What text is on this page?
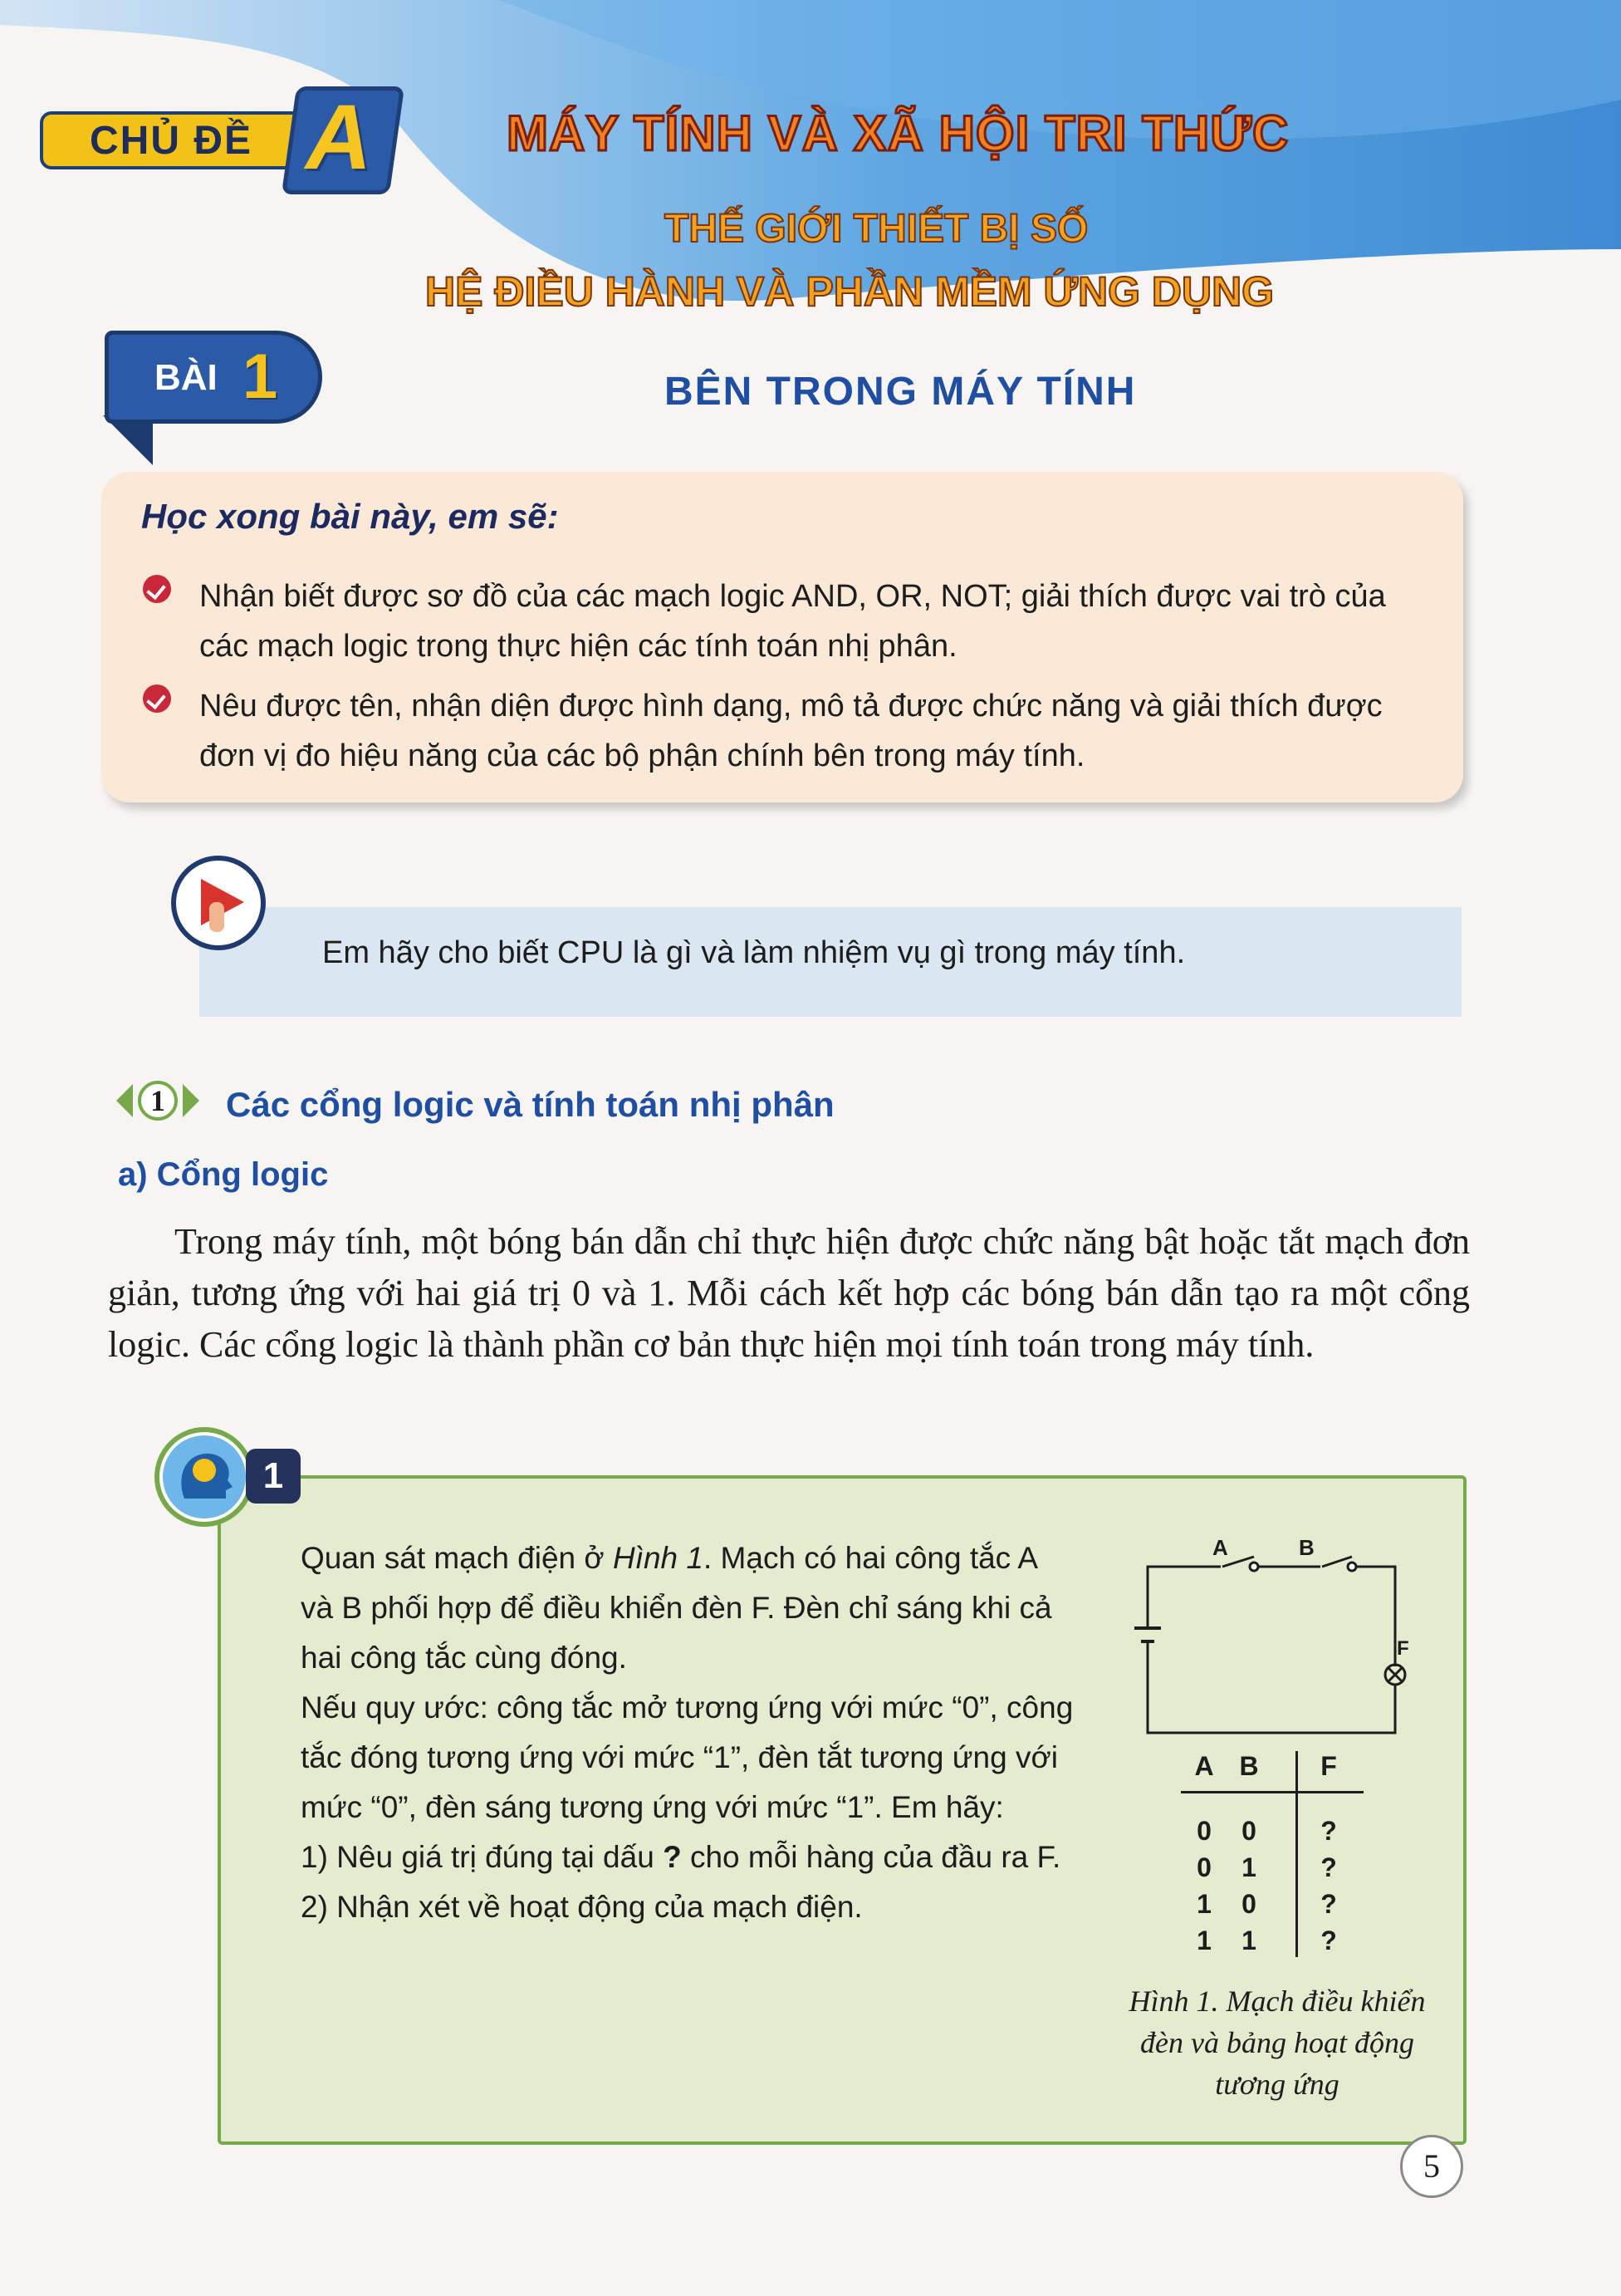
CHỦ ĐỀ A	MÁY TÍNH VÀ XÃ HỘI TRI THỨC
THẾ GIỚI THIẾT BỊ SỐ
HỆ ĐIỀU HÀNH VÀ PHẦN MỀM ỨNG DỤNG
BÀI 1	BÊN TRONG MÁY TÍNH
Học xong bài này, em sẽ:
Nhận biết được sơ đồ của các mạch logic AND, OR, NOT; giải thích được vai trò của
các mạch logic trong thực hiện các tính toán nhị phân.
Nêu được tên, nhận diện được hình dạng, mô tả được chức năng và giải thích được
đơn vị đo hiệu năng của các bộ phận chính bên trong máy tính.
Em hãy cho biết CPU là gì và làm nhiệm vụ gì trong máy tính.
1 Các cổng logic và tính toán nhị phân
a) Cổng logic

Trong máy tính, một bóng bán dẫn chỉ thực hiện được chức năng bật hoặc tắt mạch đơn giản, tương ứng với hai giá trị 0 và 1. Mỗi cách kết hợp các bóng bán dẫn tạo ra một cổng logic. Các cổng logic là thành phần cơ bản thực hiện mọi tính toán trong máy tính.

1
Quan sát mạch điện ở Hình 1. Mạch có hai công tắc A
và B phối hợp để điều khiển đèn F. Đèn chỉ sáng khi cả
hai công tắc cùng đóng.
Nếu quy ước: công tắc mở tương ứng với mức “0”, công
tắc đóng tương ứng với mức “1”, đèn tắt tương ứng với
mức “0”, đèn sáng tương ứng với mức “1”. Em hãy:
1) Nêu giá trị đúng tại dấu ? cho mỗi hàng của đầu ra F.
2) Nhận xét về hoạt động của mạch điện.
A	B
F
A B	F
0	0	?
0	1	?
1	0	?
1	1	?
Hình 1. Mạch điều khiển
đèn và bảng hoạt động
tương ứng
5
